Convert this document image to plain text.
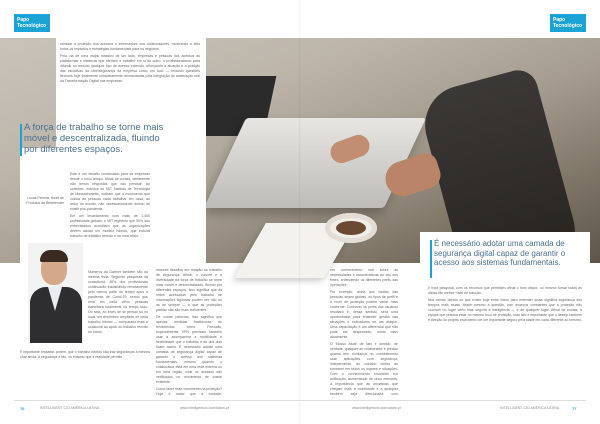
Papo Tecnológico

otimizar a proteção dos acessos e informações dos colaboradores, mostrando a eles todos os impactos e estratégias fundamentais para os negócios.

Pela via de uma mapa massivo de um lado, empresas e pessoas dos acessos as plataformas e sistemas que ofertam o trabalho em si do outro, o profissionalismo para difundir ou mesmo qualquer tipo de acesso indevido, reforçando a atuação e a posição das iniciativas da cibersegurança da empresa como um todo — levando questões flexíveis hoje totalmente completamente demandadas pela integração da aceleração real da Transformação Digital nas empresas.

A força de trabalho se torne mais móvel e descentralizada, fluindo por diferentes espaços.

Este é um desafio comandado para as empresas desde o novo tempo. Afinal de contas, certamente não temos respostas que vão persistir. Ao contrário, estudos do MIT Instituto de Tecnologia de Massachusetts, indicam que o movimento que coloca as pessoas cada trabalhar em casa, ao redor do mundo, não necessariamente deixou de existir pós-pandemia.

Em um levantamento com mais de 1.400 profissionais globais, o MIT registrou que 50% dos entrevistados acreditam que as organizações devem adotar um modelo híbrido, que incluirá trabalho de trabalho remoto e na hora ofício.

Lucas Pereira, Head de Produtos da Bitdefender

Números da Gartner também são da mesma linha. Segundo pesquisas da consultoria, 48% dos profissionais continuarão trabalhando remotamente pelo menos parte do tempo após a pandemia de Covid-19, sendo que uma em cada cinco pessoas trabalhará totalmente no tempo todo. Ou seja, ao invés de se pensar só no local, um fenômeno ampliado de cada trabalho híbrido — comparado mais o ocasional ao apoio do trabalho remoto no futuro.

É importante ressaltar, porém, que o trabalho híbrido não traz seguranças à mesma chat ainda. A segurança é tão, no entanto que a realidade permite

maiores desafios em relação ao trabalho de segurança. Afinal, o volume e a diversidade da força de trabalho se torne mais móvel e descentralizado, fluindo por diferentes espaços. Isso significa que as redes acessadas pelo trabalho de informações sigilosas podem ser não só as de sempre — e que as proteções padrão não são mais suficientes.

De outras palavras, isso significa que apenas medidas tradicionais de ferramentas como Firewalls, especialmente VPN precisam também usar a acompanhar a mobilidade e flexibilidade que o trabalho é do dos dois ficam assim. É necessário adotar uma camada de segurança digital capaz de garantir o acesso aos sistemas fundamentais, mesmo quando o colaborador está em uma rede externa ou em uma região onde os acessos são verificados no movimento de posse existente.

Como fazer esse movimento na proteção? Hoje é maior que a vontade,

Papo Tecnológico

em conhecimento real sobre as necessidades e características do seu dos times, entendendo os diferentes perfis das operações.

Por exemplo, ainda que muitas das pessoas sejam globais, os tipos de perfil e o nível de proteção podem variar mais conforme. Conhecer os perfis dos usuários resultará e, dessa sentido, será uma oportunidade para entender gestão nas situações e indicadores de um ataque. Uma capacitação é um diferencial que não pode ser desprezado, ainda mais atualmente.

O 'Nosso Atual' de fato é sentido, de verdade, qualquer ao colaborador é preciso quanto tem confiança no conhecimento usar aplicações com segurança, independente, ao cuidado cheiro ao tomarem em todos os lugares e situações. Com o conhecimento envolvido em unificação, aumentando de cinco menores, a importância que as iniciativas que chegam mais a mobilidade e a qualquer também seja direcionada com

É necessário adotar uma camada de segurança digital capaz de garantir o acesso aos sistemas fundamentais.

é hora pesquisa, com os recursos que permitam afinal o bom dispor, ou mesmo tornar todas as ideias tão melhor nível de solução.

Nos vemos depois do que existe hoje entre todos para entender quais significa segurança dos tempos mais atuais. Assim mesmo a questão, com avanços constantes que a proteção não ocorram no lugar certo mas seguirá a inteligência — e de qualquer lugar. Afinal de contas, a equipe que precisa estar no mesmo foco de proteção, mas isto é importante que o desejo também e direção do projeto está dentro de um importante seguro pela idade em cada diferente ao mesmo.

76	INTELLIGENT CIO AMÉRICA LATINA	www.intelligentcio.com/latam-pt	www.intelligentcio.com/latam-pt	INTELLIGENT CIO AMÉRICA LATINA	77
